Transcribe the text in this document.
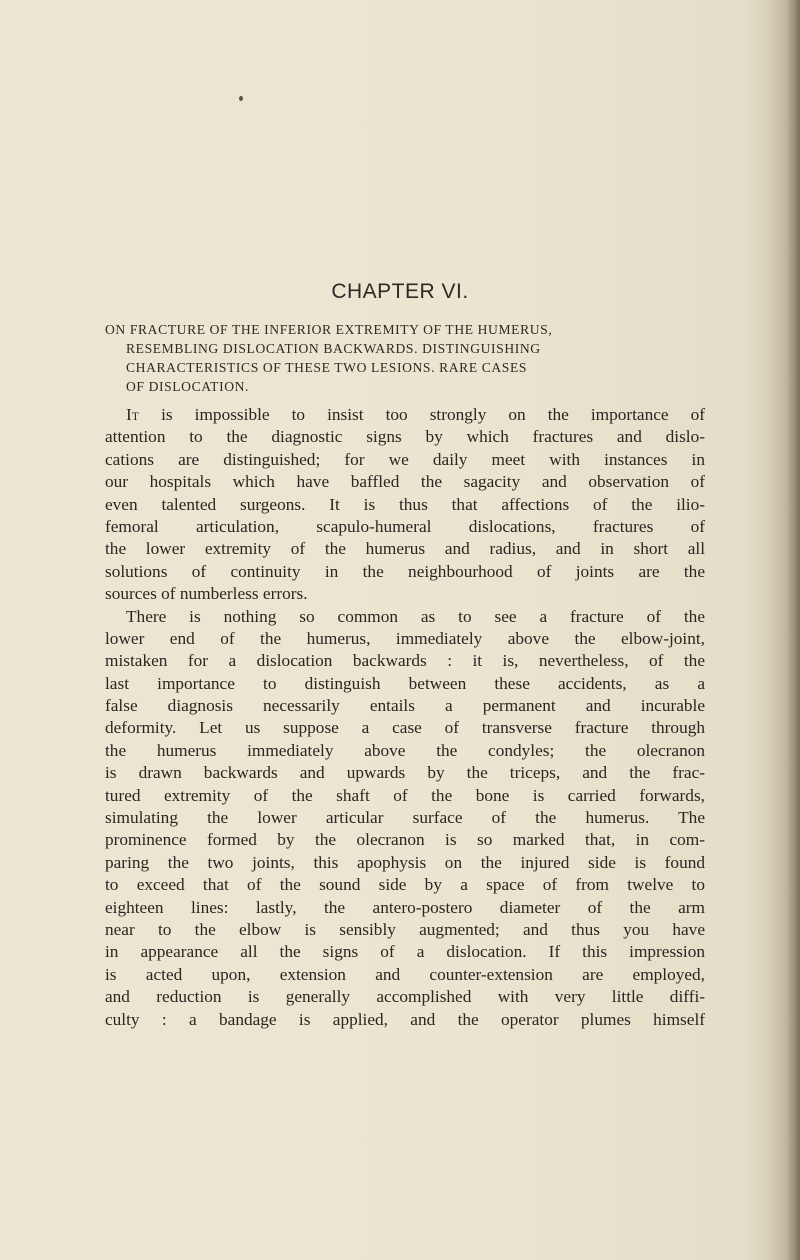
CHAPTER VI.
ON FRACTURE OF THE INFERIOR EXTREMITY OF THE HUMERUS,
RESEMBLING DISLOCATION BACKWARDS. DISTINGUISHING
CHARACTERISTICS OF THESE TWO LESIONS. RARE CASES
OF DISLOCATION.
It is impossible to insist too strongly on the importance of
attention to the diagnostic signs by which fractures and dislo-
cations are distinguished; for we daily meet with instances in
our hospitals which have baffled the sagacity and observation of
even talented surgeons. It is thus that affections of the ilio-
femoral articulation, scapulo-humeral dislocations, fractures of
the lower extremity of the humerus and radius, and in short all
solutions of continuity in the neighbourhood of joints are the
sources of numberless errors.
There is nothing so common as to see a fracture of the
lower end of the humerus, immediately above the elbow-joint,
mistaken for a dislocation backwards : it is, nevertheless, of the
last importance to distinguish between these accidents, as a
false diagnosis necessarily entails a permanent and incurable
deformity. Let us suppose a case of transverse fracture through
the humerus immediately above the condyles; the olecranon
is drawn backwards and upwards by the triceps, and the frac-
tured extremity of the shaft of the bone is carried forwards,
simulating the lower articular surface of the humerus. The
prominence formed by the olecranon is so marked that, in com-
paring the two joints, this apophysis on the injured side is found
to exceed that of the sound side by a space of from twelve to
eighteen lines: lastly, the antero-postero diameter of the arm
near to the elbow is sensibly augmented; and thus you have
in appearance all the signs of a dislocation. If this impression
is acted upon, extension and counter-extension are employed,
and reduction is generally accomplished with very little diffi-
culty : a bandage is applied, and the operator plumes himself
